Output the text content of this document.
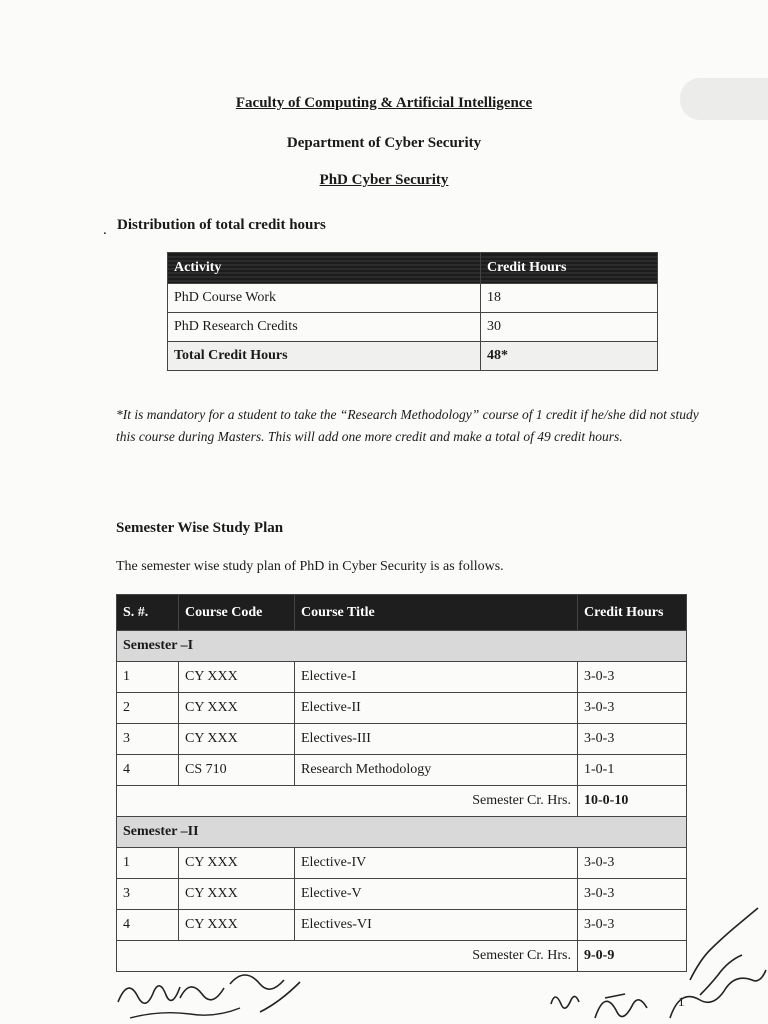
Faculty of Computing & Artificial Intelligence
Department of Cyber Security
PhD Cyber Security
. Distribution of total credit hours
Activity	Credit Hours
PhD Course Work	18
PhD Research Credits	30
Total Credit Hours	48*
*It is mandatory for a student to take the “Research Methodology” course of 1 credit if he/she did not study this course during Masters. This will add one more credit and make a total of 49 credit hours.
Semester Wise Study Plan
The semester wise study plan of PhD in Cyber Security is as follows.
S. #.	Course Code	Course Title	Credit Hours
Semester –I			
1	CY XXX	Elective-I	3-0-3
2	CY XXX	Elective-II	3-0-3
3	CY XXX	Electives-III	3-0-3
4	CS 710	Research Methodology	1-0-1
Semester Cr. Hrs.			10-0-10
Semester –II			
1	CY XXX	Elective-IV	3-0-3
3	CY XXX	Elective-V	3-0-3
4	CY XXX	Electives-VI	3-0-3
Semester Cr. Hrs.			9-0-9
1
